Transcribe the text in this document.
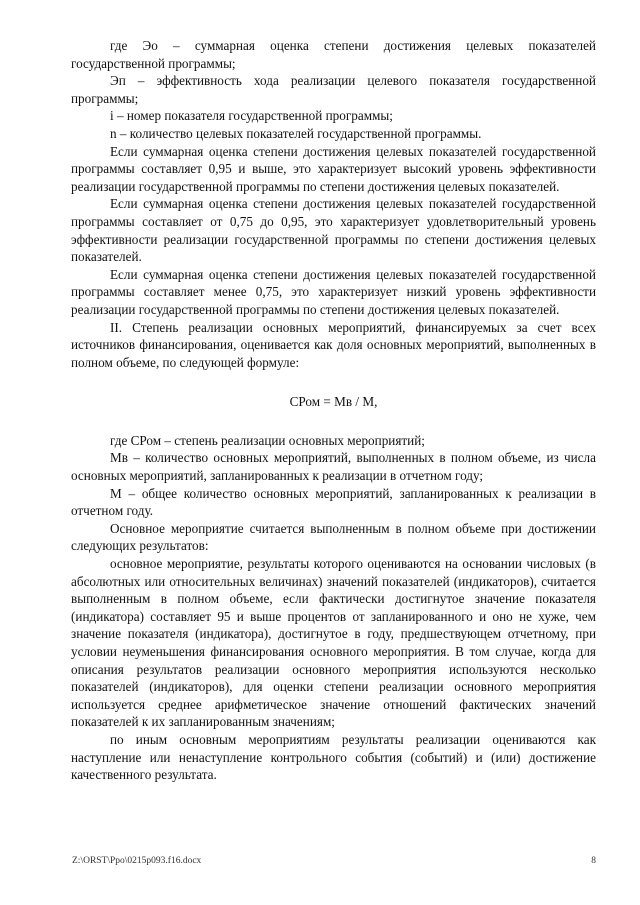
где Эо – суммарная оценка степени достижения целевых показателей государственной программы;

Эп – эффективность хода реализации целевого показателя государственной программы;

i – номер показателя государственной программы;

n – количество целевых показателей государственной программы.

Если суммарная оценка степени достижения целевых показателей государственной программы составляет 0,95 и выше, это характеризует высокий уровень эффективности реализации государственной программы по степени достижения целевых показателей.

Если суммарная оценка степени достижения целевых показателей государственной программы составляет от 0,75 до 0,95, это характеризует удовлетворительный уровень эффективности реализации государственной программы по степени достижения целевых показателей.

Если суммарная оценка степени достижения целевых показателей государственной программы составляет менее 0,75, это характеризует низкий уровень эффективности реализации государственной программы по степени достижения целевых показателей.

II. Степень реализации основных мероприятий, финансируемых за счет всех источников финансирования, оценивается как доля основных мероприятий, выполненных в полном объеме, по следующей формуле:

СРом = Мв / М,

где СРом – степень реализации основных мероприятий;

Мв – количество основных мероприятий, выполненных в полном объеме, из числа основных мероприятий, запланированных к реализации в отчетном году;

М – общее количество основных мероприятий, запланированных к реализации в отчетном году.

Основное мероприятие считается выполненным в полном объеме при достижении следующих результатов:

основное мероприятие, результаты которого оцениваются на основании числовых (в абсолютных или относительных величинах) значений показателей (индикаторов), считается выполненным в полном объеме, если фактически достигнутое значение показателя (индикатора) составляет 95 и выше процентов от запланированного и оно не хуже, чем значение показателя (индикатора), достигнутое в году, предшествующем отчетному, при условии неуменьшения финансирования основного мероприятия. В том случае, когда для описания результатов реализации основного мероприятия используются несколько показателей (индикаторов), для оценки степени реализации основного мероприятия используется среднее арифметическое значение отношений фактических значений показателей к их запланированным значениям;

по иным основным мероприятиям результаты реализации оцениваются как наступление или ненаступление контрольного события (событий) и (или) достижение качественного результата.

Z:\ORST\Ppo\0215p093.f16.docx	8
